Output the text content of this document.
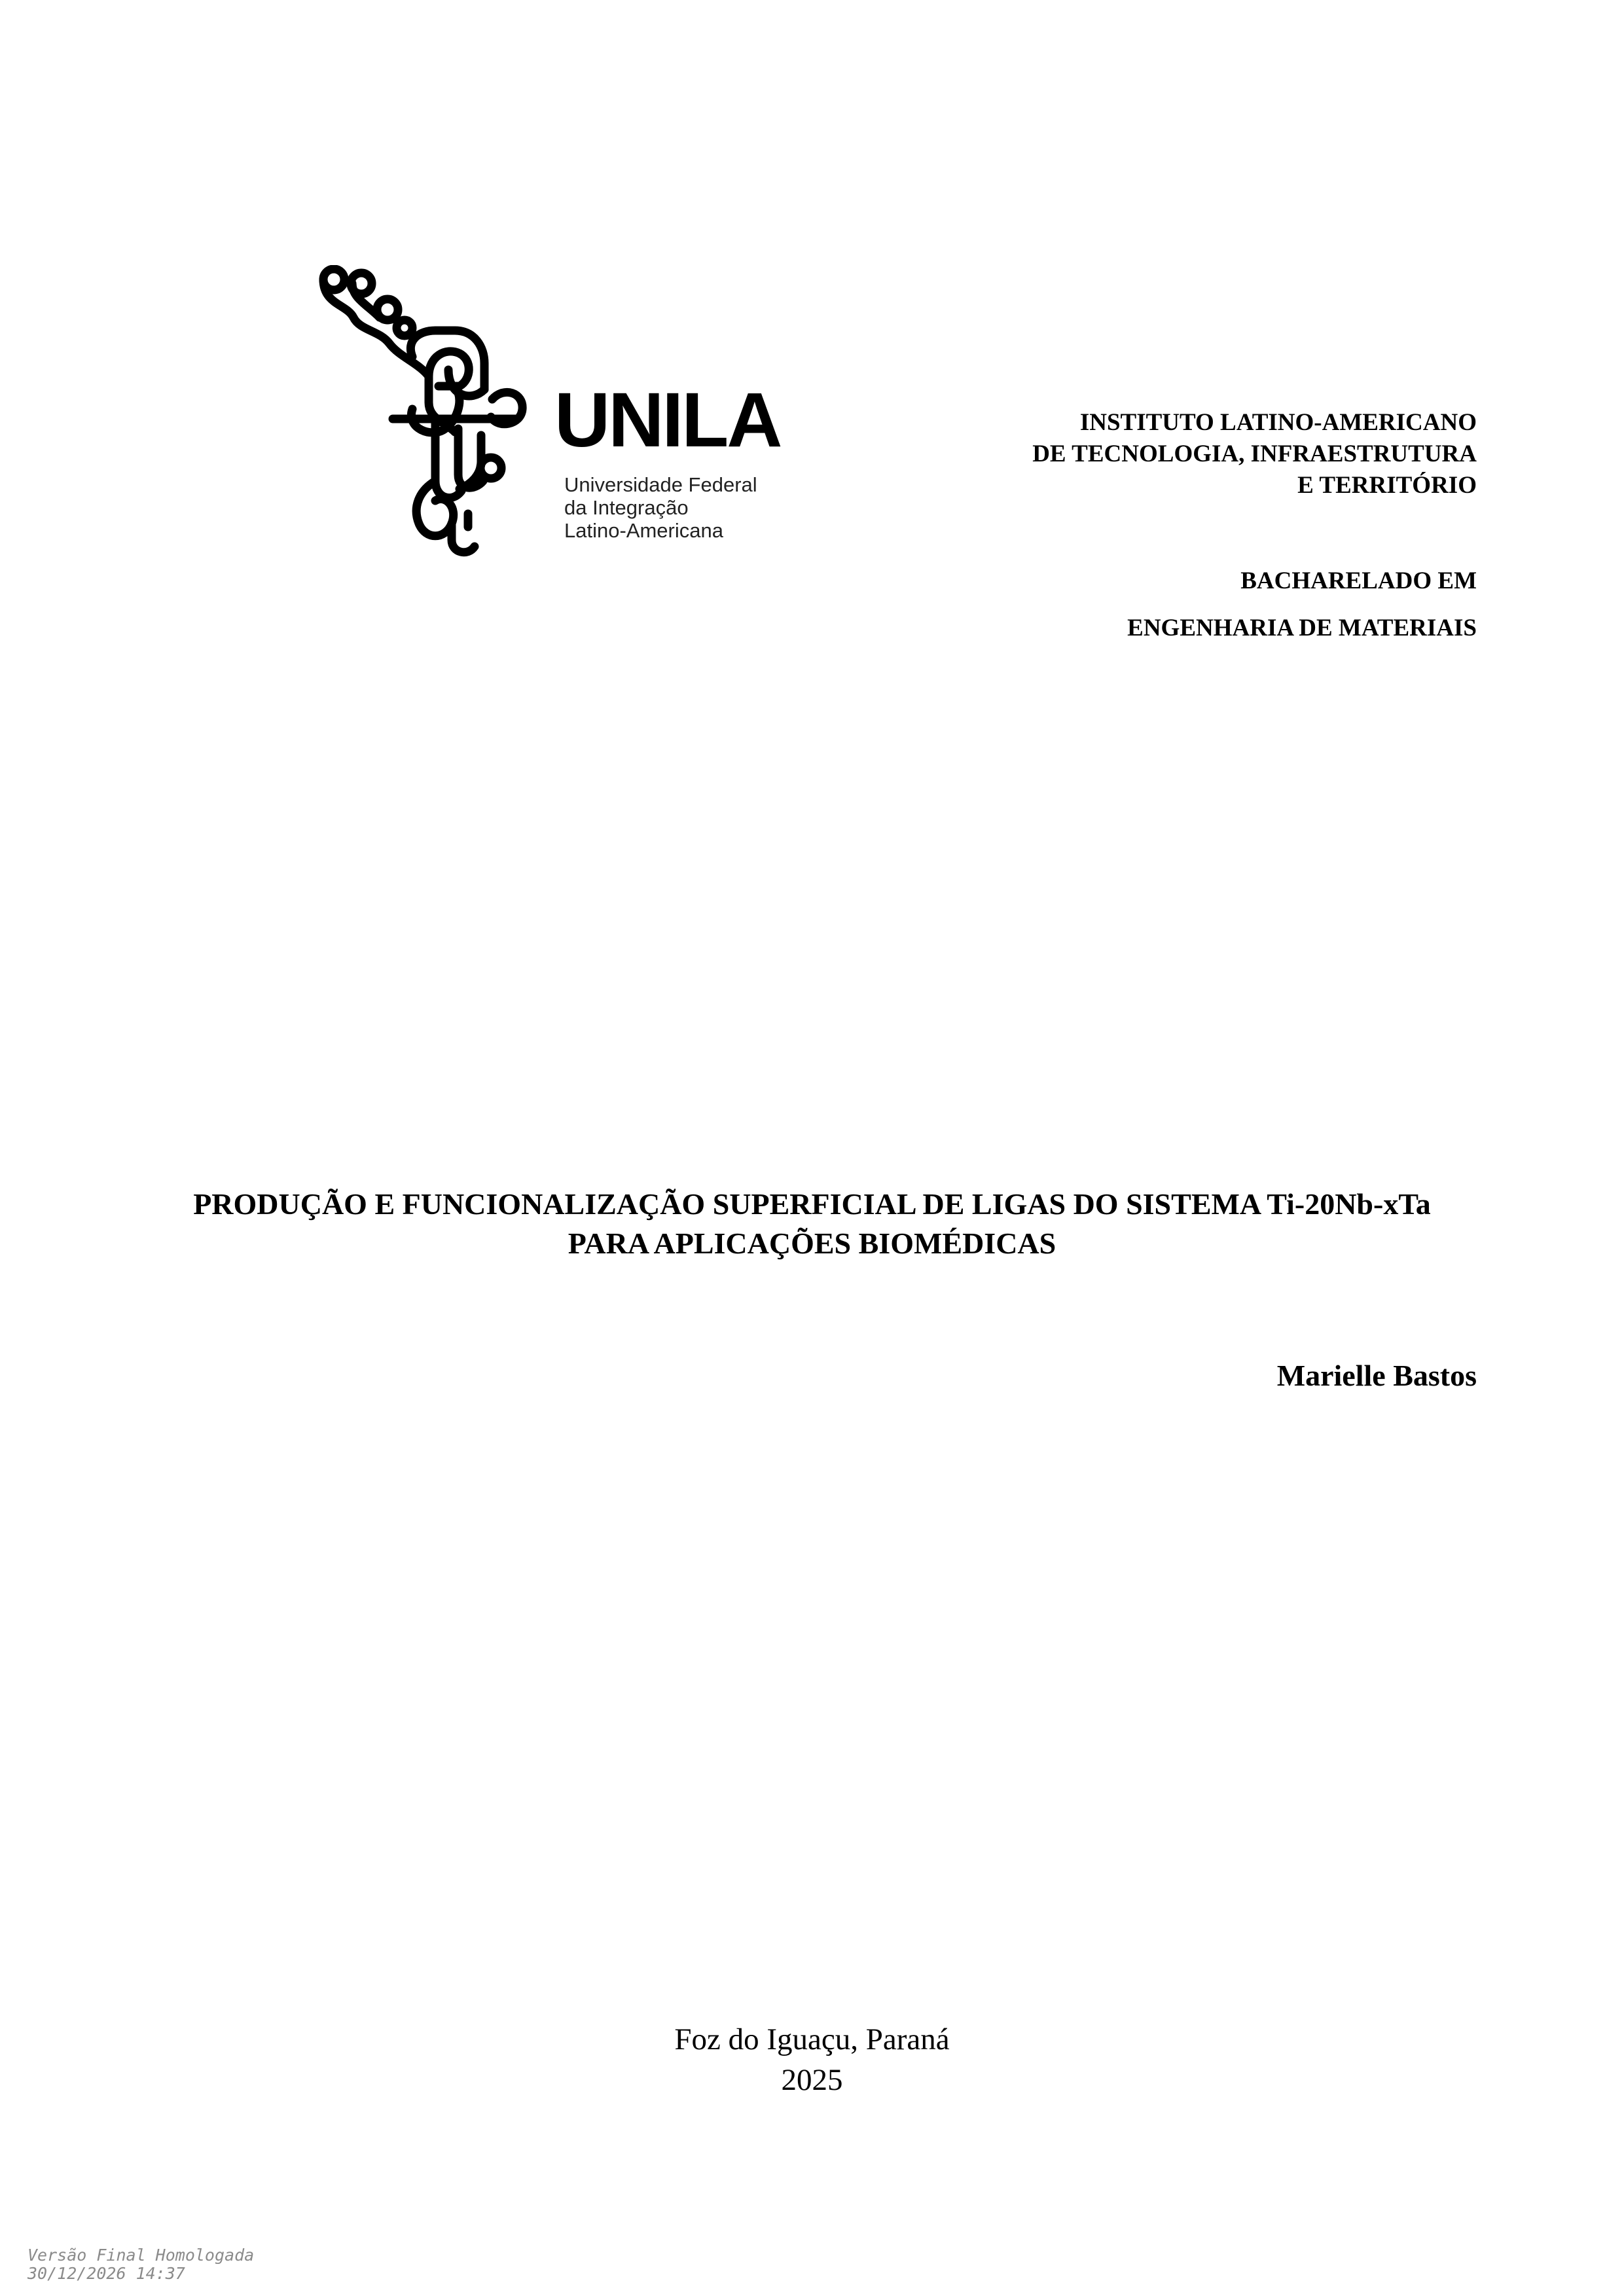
UNILA
Universidade Federal
da Integração
Latino-Americana
INSTITUTO LATINO-AMERICANO
DE TECNOLOGIA, INFRAESTRUTURA
E TERRITÓRIO
BACHARELADO EM
ENGENHARIA DE MATERIAIS
PRODUÇÃO E FUNCIONALIZAÇÃO SUPERFICIAL DE LIGAS DO SISTEMA Ti-20Nb-xTa
PARA APLICAÇÕES BIOMÉDICAS
Marielle Bastos
Foz do Iguaçu, Paraná
2025
Versão Final Homologada
30/12/2026 14:37
